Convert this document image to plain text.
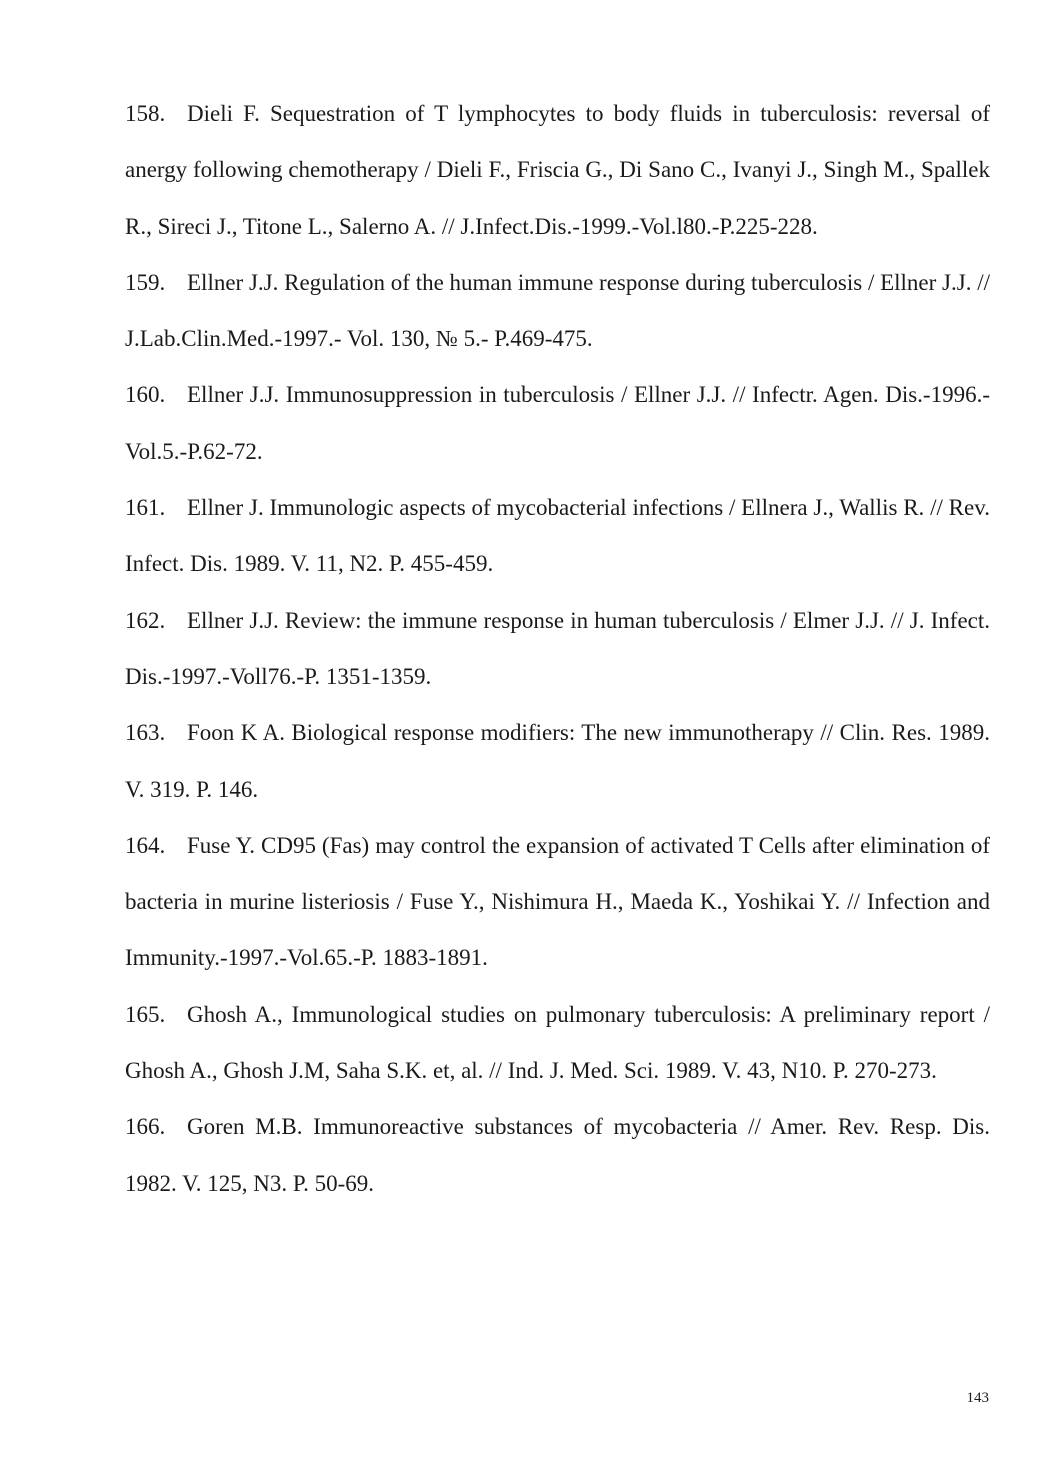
158. Dieli F. Sequestration of T lymphocytes to body fluids in tuberculosis: reversal of anergy following chemotherapy / Dieli F., Friscia G., Di Sano C., Ivanyi J., Singh M., Spallek R., Sireci J., Titone L., Salerno A. // J.Infect.Dis.-1999.-Vol.l80.-P.225-228.

159. Ellner J.J. Regulation of the human immune response during tuberculosis / Ellner J.J. // J.Lab.Clin.Med.-1997.- Vol. 130, № 5.- P.469-475.

160. Ellner J.J. Immunosuppression in tuberculosis / Ellner J.J. // Infectr. Agen. Dis.-1996.-Vol.5.-P.62-72.

161. Ellner J. Immunologic aspects of mycobacterial infections / Ellnera J., Wallis R. // Rev. Infect. Dis. 1989. V. 11, N2. P. 455-459.

162. Ellner J.J. Review: the immune response in human tuberculosis / Elmer J.J. // J. Infect. Dis.-1997.-Voll76.-P. 1351-1359.

163. Foon K A. Biological response modifiers: The new immunotherapy // Clin. Res. 1989. V. 319. P. 146.

164. Fuse Y. CD95 (Fas) may control the expansion of activated T Cells after elimination of bacteria in murine listeriosis / Fuse Y., Nishimura H., Maeda K., Yoshikai Y. // Infection and Immunity.-1997.-Vol.65.-P. 1883-1891.

165. Ghosh A., Immunological studies on pulmonary tuberculosis: A preliminary report / Ghosh A., Ghosh J.M, Saha S.K. et, al. // Ind. J. Med. Sci. 1989. V. 43, N10. P. 270-273.

166. Goren M.B. Immunoreactive substances of mycobacteria // Amer. Rev. Resp. Dis. 1982. V. 125, N3. P. 50-69.

143
